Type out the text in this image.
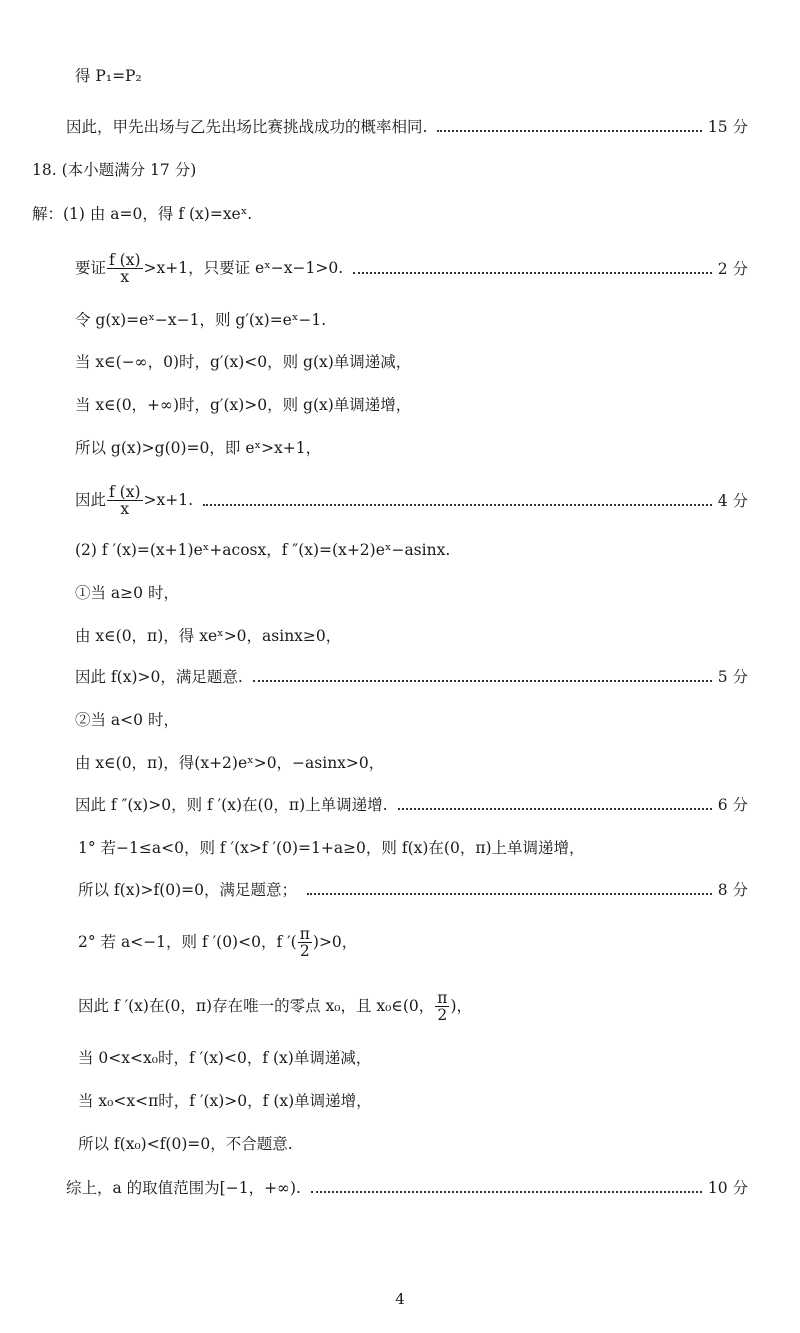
得 P₁=P₂
因此，甲先出场与乙先出场比赛挑战成功的概率相同.	15 分
18. (本小题满分 17 分)
解：(1) 由 a=0，得 f (x)=xeˣ.
要证 $\frac{f (x)}{x} >x+1$，只要证 eˣ−x−1>0.	2 分
令 g(x)=eˣ−x−1，则 g′(x)=eˣ−1.
当 x∈(−∞，0)时，g′(x)<0，则 g(x)单调递减，
当 x∈(0，+∞)时，g′(x)>0，则 g(x)单调递增，
所以 g(x)>g(0)=0，即 eˣ>x+1，
因此 $\frac{f (x)}{x} >x+1$.	4 分
(2) f ′(x)=(x+1)eˣ+acosx，f ″(x)=(x+2)eˣ−asinx.
①当 a≥0 时，
由 x∈(0，π)，得 xeˣ>0，asinx≥0，
因此 f(x)>0，满足题意.	5 分
②当 a<0 时，
由 x∈(0，π)，得(x+2)eˣ>0，−asinx>0，
因此 f ″(x)>0，则 f ′(x)在(0，π)上单调递增.	6 分
1° 若−1≤a<0，则 f ′(x>f ′(0)=1+a≥0，则 f(x)在(0，π)上单调递增，
所以 f(x)>f(0)=0，满足题意；	8 分
2° 若 a<−1，则 f ′(0)<0，f ′( $\frac{\pi}{2} )>0$，
因此 f ′(x)在(0，π)存在唯一的零点 x₀，且 x₀∈(0， $\frac{\pi}{2}$ )，
当 0<x<x₀时，f ′(x)<0，f (x)单调递减，
当 x₀<x<π时，f ′(x)>0，f (x)单调递增，
所以 f(x₀)<f(0)=0，不合题意.
综上，a 的取值范围为[−1，+∞).	10 分
4
